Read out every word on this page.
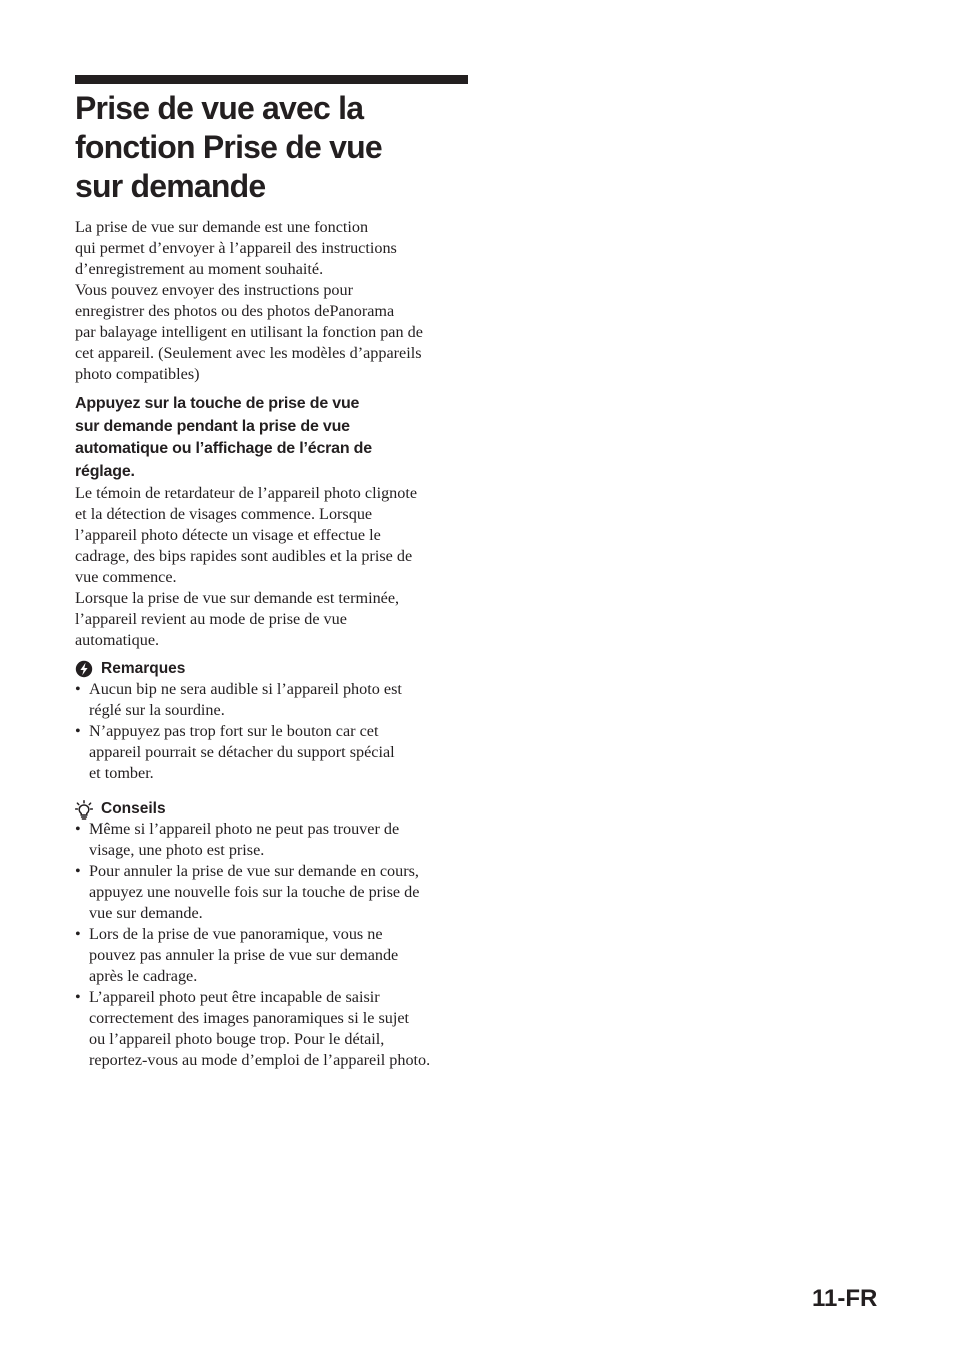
Prise de vue avec la
fonction Prise de vue
sur demande
La prise de vue sur demande est une fonction
qui permet d’envoyer à l’appareil des instructions
d’enregistrement au moment souhaité.
Vous pouvez envoyer des instructions pour
enregistrer des photos ou des photos dePanorama
par balayage intelligent en utilisant la fonction pan de
cet appareil. (Seulement avec les modèles d’appareils
photo compatibles)
Appuyez sur la touche de prise de vue
sur demande pendant la prise de vue
automatique ou l’affichage de l’écran de
réglage.
Le témoin de retardateur de l’appareil photo clignote
et la détection de visages commence. Lorsque
l’appareil photo détecte un visage et effectue le
cadrage, des bips rapides sont audibles et la prise de
vue commence.
Lorsque la prise de vue sur demande est terminée,
l’appareil revient au mode de prise de vue
automatique.
Remarques
• Aucun bip ne sera audible si l’appareil photo est
réglé sur la sourdine.
• N’appuyez pas trop fort sur le bouton car cet
appareil pourrait se détacher du support spécial
et tomber.
Conseils
• Même si l’appareil photo ne peut pas trouver de
visage, une photo est prise.
• Pour annuler la prise de vue sur demande en cours,
appuyez une nouvelle fois sur la touche de prise de
vue sur demande.
• Lors de la prise de vue panoramique, vous ne
pouvez pas annuler la prise de vue sur demande
après le cadrage.
• L’appareil photo peut être incapable de saisir
correctement des images panoramiques si le sujet
ou l’appareil photo bouge trop. Pour le détail,
reportez-vous au mode d’emploi de l’appareil photo.
11-FR
